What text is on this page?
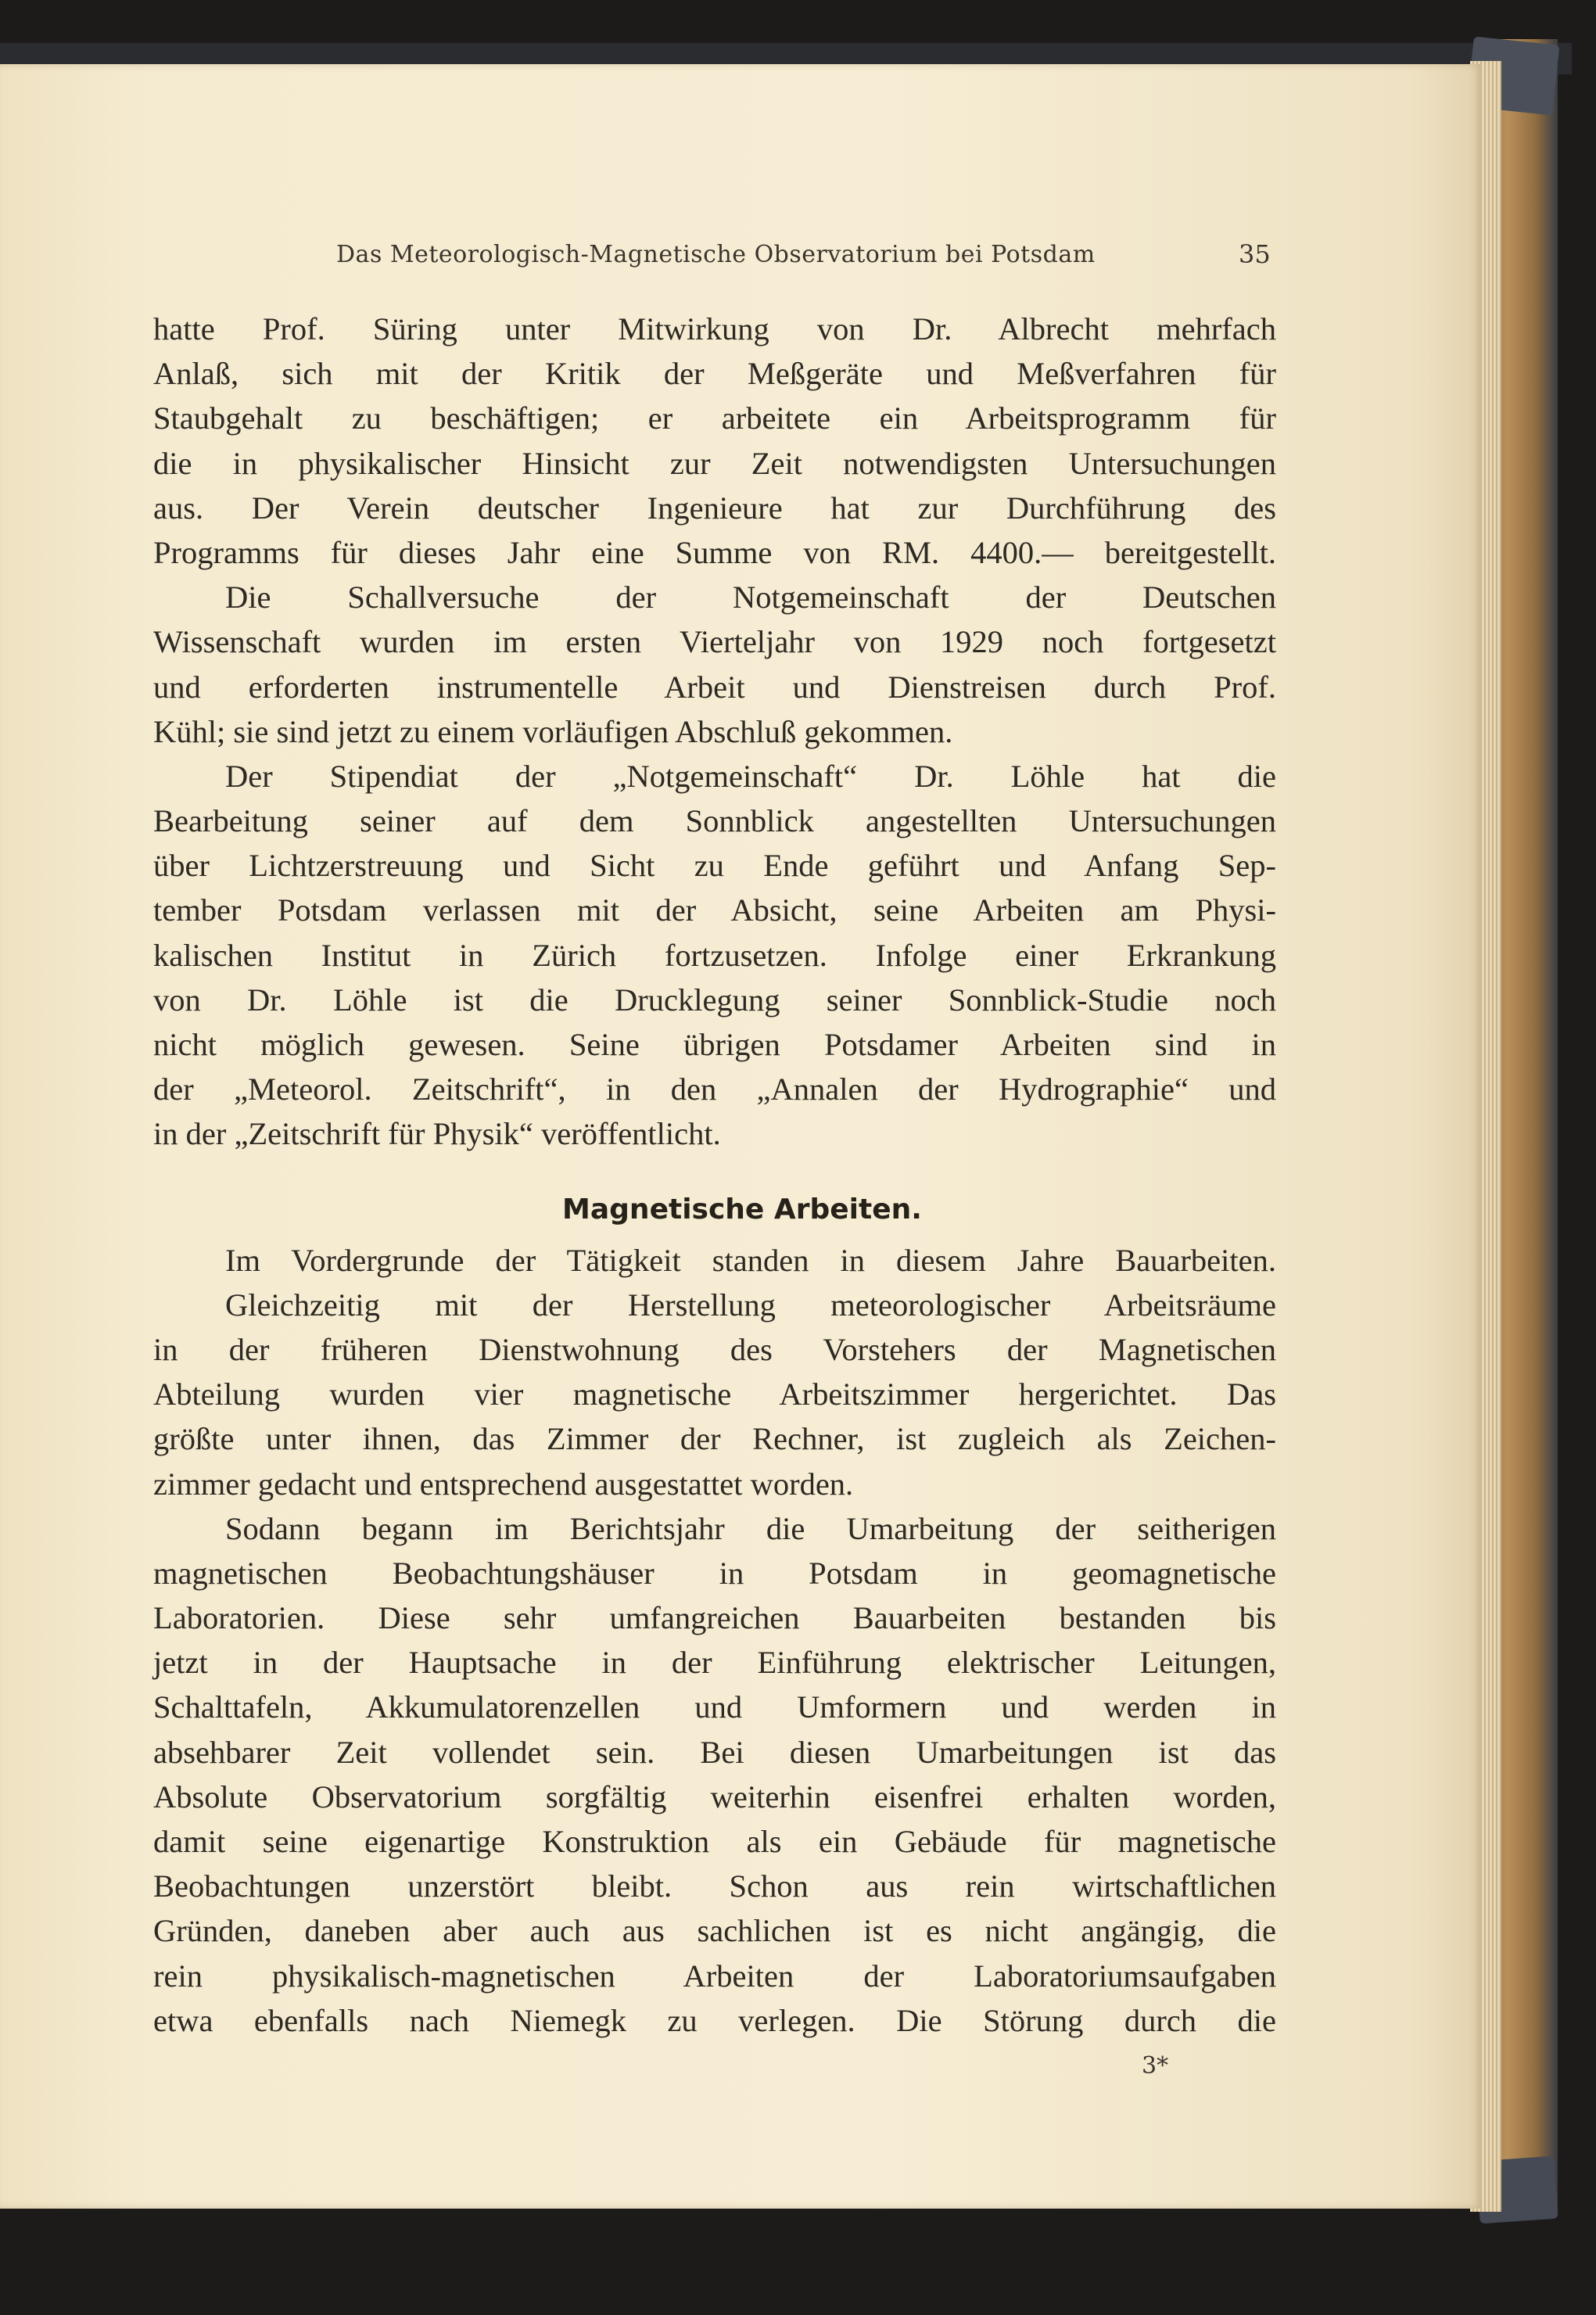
Das Meteorologisch-Magnetische Observatorium bei Potsdam	35
hatte Prof. Süring unter Mitwirkung von Dr. Albrecht mehrfach
Anlaß, sich mit der Kritik der Meßgeräte und Meßverfahren für
Staubgehalt zu beschäftigen; er arbeitete ein Arbeitsprogramm für
die in physikalischer Hinsicht zur Zeit notwendigsten Untersuchungen
aus. Der Verein deutscher Ingenieure hat zur Durchführung des
Programms für dieses Jahr eine Summe von RM. 4400.— bereitgestellt.
Die Schallversuche der Notgemeinschaft der Deutschen
Wissenschaft wurden im ersten Vierteljahr von 1929 noch fortgesetzt
und erforderten instrumentelle Arbeit und Dienstreisen durch Prof.
Kühl; sie sind jetzt zu einem vorläufigen Abschluß gekommen.
Der Stipendiat der „Notgemeinschaft“ Dr. Löhle hat die
Bearbeitung seiner auf dem Sonnblick angestellten Untersuchungen
über Lichtzerstreuung und Sicht zu Ende geführt und Anfang Sep-
tember Potsdam verlassen mit der Absicht, seine Arbeiten am Physi-
kalischen Institut in Zürich fortzusetzen. Infolge einer Erkrankung
von Dr. Löhle ist die Drucklegung seiner Sonnblick-Studie noch
nicht möglich gewesen. Seine übrigen Potsdamer Arbeiten sind in
der „Meteorol. Zeitschrift“, in den „Annalen der Hydrographie“ und
in der „Zeitschrift für Physik“ veröffentlicht.
Magnetische Arbeiten.
Im Vordergrunde der Tätigkeit standen in diesem Jahre Bauarbeiten.
Gleichzeitig mit der Herstellung meteorologischer Arbeitsräume
in der früheren Dienstwohnung des Vorstehers der Magnetischen
Abteilung wurden vier magnetische Arbeitszimmer hergerichtet. Das
größte unter ihnen, das Zimmer der Rechner, ist zugleich als Zeichen-
zimmer gedacht und entsprechend ausgestattet worden.
Sodann begann im Berichtsjahr die Umarbeitung der seitherigen
magnetischen Beobachtungshäuser in Potsdam in geomagnetische
Laboratorien. Diese sehr umfangreichen Bauarbeiten bestanden bis
jetzt in der Hauptsache in der Einführung elektrischer Leitungen,
Schalttafeln, Akkumulatorenzellen und Umformern und werden in
absehbarer Zeit vollendet sein. Bei diesen Umarbeitungen ist das
Absolute Observatorium sorgfältig weiterhin eisenfrei erhalten worden,
damit seine eigenartige Konstruktion als ein Gebäude für magnetische
Beobachtungen unzerstört bleibt. Schon aus rein wirtschaftlichen
Gründen, daneben aber auch aus sachlichen ist es nicht angängig, die
rein physikalisch-magnetischen Arbeiten der Laboratoriumsaufgaben
etwa ebenfalls nach Niemegk zu verlegen. Die Störung durch die
3*
